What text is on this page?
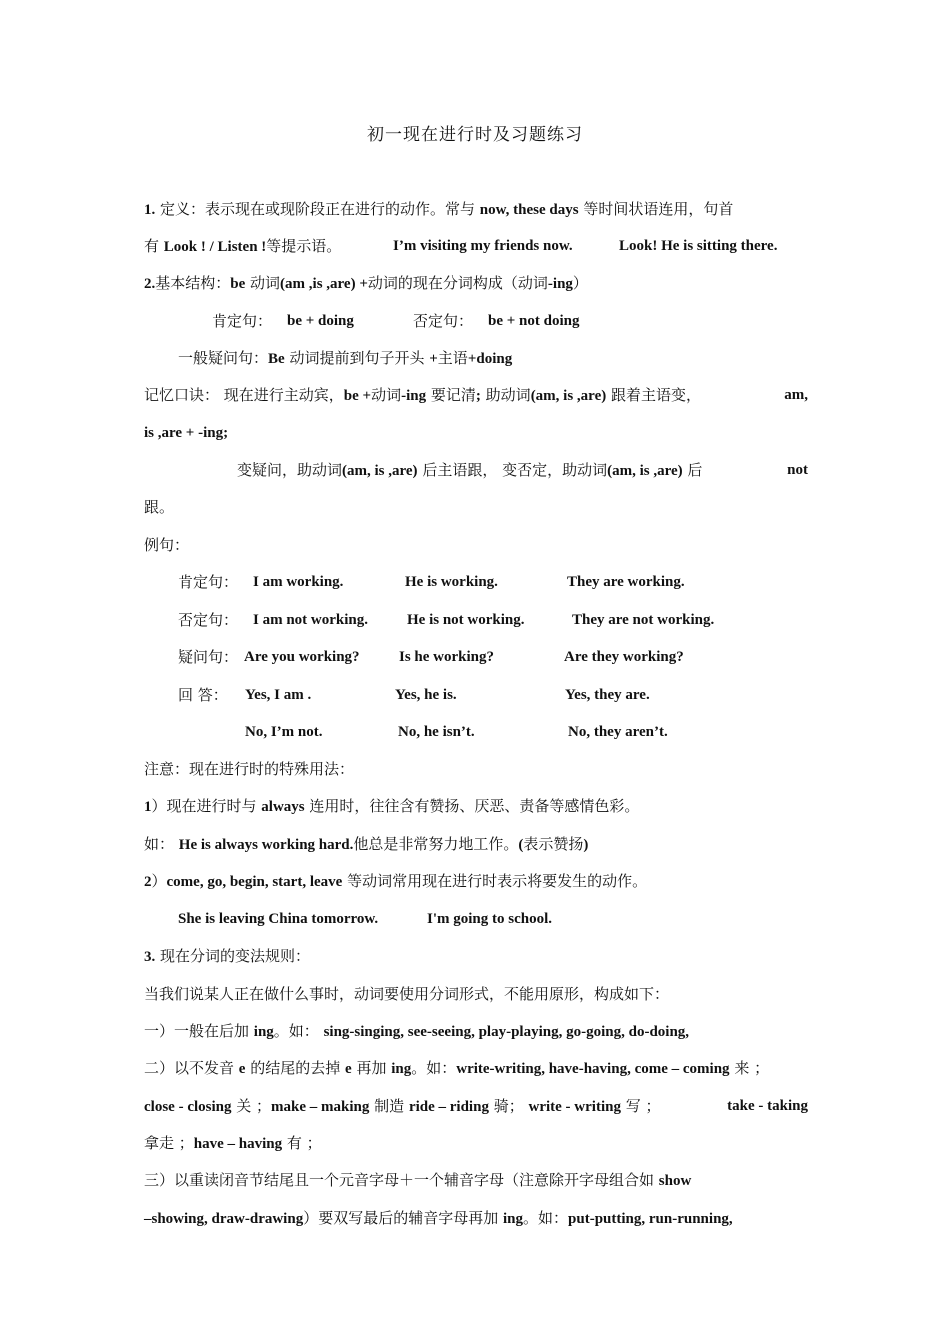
初一现在进行时及习题练习
1. 定义：表示现在或现阶段正在进行的动作。常与 now, these days 等时间状语连用，句首
有 Look ! / Listen !等提示语。	I’m visiting my friends now.	Look! He is sitting there.
2.基本结构：be 动词(am ,is ,are) +动词的现在分词构成（动词-ing）
肯定句： be + doing	否定句： be + not doing
一般疑问句：Be 动词提前到句子开头 +主语+doing
记忆口诀： 现在进行主动宾，be +动词-ing 要记清; 助动词(am, is ,are) 跟着主语变，	am,
is ,are + -ing;
变疑问，助动词(am, is ,are) 后主语跟， 变否定，助动词(am, is ,are) 后	not
跟。
例句：
肯定句： I am working.	He is working.	They are working.
否定句： I am not working.	He is not working.	They are not working.
疑问句： Are you working?	Is he working?	Are they working?
回 答： Yes, I am .	Yes, he is.	Yes, they are.
No, I’m not.	No, he isn’t.	No, they aren’t.
注意：现在进行时的特殊用法：
1）现在进行时与 always 连用时，往往含有赞扬、厌恶、责备等感情色彩。
如： He is always working hard.他总是非常努力地工作。(表示赞扬)
2）come, go, begin, start, leave 等动词常用现在进行时表示将要发生的动作。
She is leaving China tomorrow.	I'm going to school.
3. 现在分词的变法规则：
当我们说某人正在做什么事时，动词要使用分词形式，不能用原形，构成如下：
一）一般在后加 ing。如： sing-singing, see-seeing, play-playing, go-going, do-doing,
二）以不发音 e 的结尾的去掉 e 再加 ing。如：write-writing, have-having, come – coming 来 ；
close - closing 关 ；make – making 制造 ride – riding 骑； write - writing 写 ；	take - taking
拿走 ；have – having 有 ；
三）以重读闭音节结尾且一个元音字母＋一个辅音字母（注意除开字母组合如 show
–showing, draw-drawing）要双写最后的辅音字母再加 ing。如：put-putting, run-running,
